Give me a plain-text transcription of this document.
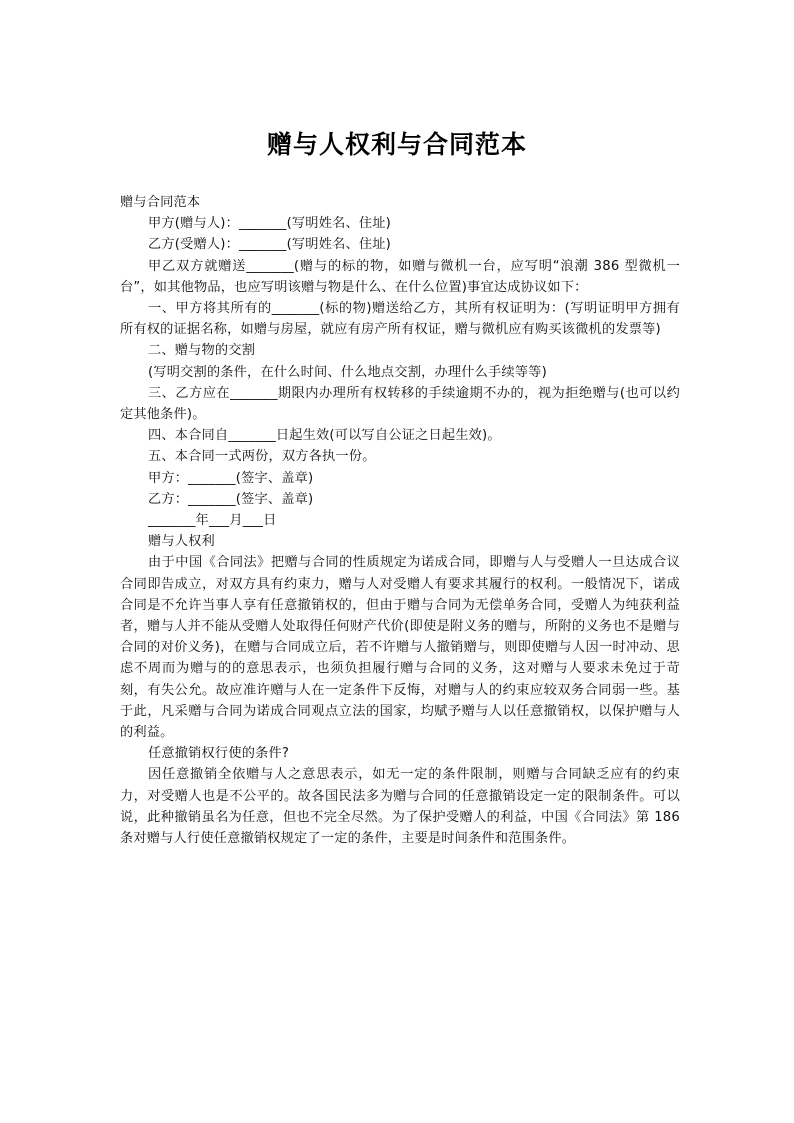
赠与人权利与合同范本

赠与合同范本

甲方(赠与人)：_______(写明姓名、住址)

乙方(受赠人)：_______(写明姓名、住址)

甲乙双方就赠送_______(赠与的标的物，如赠与微机一台，应写明“浪潮 386 型微机一台”，如其他物品，也应写明该赠与物是什么、在什么位置)事宜达成协议如下：

一、甲方将其所有的_______(标的物)赠送给乙方，其所有权证明为：(写明证明甲方拥有所有权的证据名称，如赠与房屋，就应有房产所有权证，赠与微机应有购买该微机的发票等)

二、赠与物的交割

(写明交割的条件，在什么时间、什么地点交割，办理什么手续等等)

三、乙方应在_______期限内办理所有权转移的手续逾期不办的，视为拒绝赠与(也可以约定其他条件)。

四、本合同自_______日起生效(可以写自公证之日起生效)。

五、本合同一式两份，双方各执一份。

甲方：_______(签字、盖章)

乙方：_______(签字、盖章)

_______年___月___日

赠与人权利

由于中国《合同法》把赠与合同的性质规定为诺成合同，即赠与人与受赠人一旦达成合议合同即告成立，对双方具有约束力，赠与人对受赠人有要求其履行的权利。一般情况下，诺成合同是不允许当事人享有任意撤销权的，但由于赠与合同为无偿单务合同，受赠人为纯获利益者，赠与人并不能从受赠人处取得任何财产代价(即使是附义务的赠与，所附的义务也不是赠与合同的对价义务)，在赠与合同成立后，若不许赠与人撤销赠与，则即使赠与人因一时冲动、思虑不周而为赠与的的意思表示，也须负担履行赠与合同的义务，这对赠与人要求未免过于苛刻，有失公允。故应准许赠与人在一定条件下反悔，对赠与人的约束应较双务合同弱一些。基于此，凡采赠与合同为诺成合同观点立法的国家，均赋予赠与人以任意撤销权，以保护赠与人的利益。

任意撤销权行使的条件?

因任意撤销全依赠与人之意思表示，如无一定的条件限制，则赠与合同缺乏应有的约束力，对受赠人也是不公平的。故各国民法多为赠与合同的任意撤销设定一定的限制条件。可以说，此种撤销虽名为任意，但也不完全尽然。为了保护受赠人的利益，中国《合同法》第 186 条对赠与人行使任意撤销权规定了一定的条件，主要是时间条件和范围条件。
